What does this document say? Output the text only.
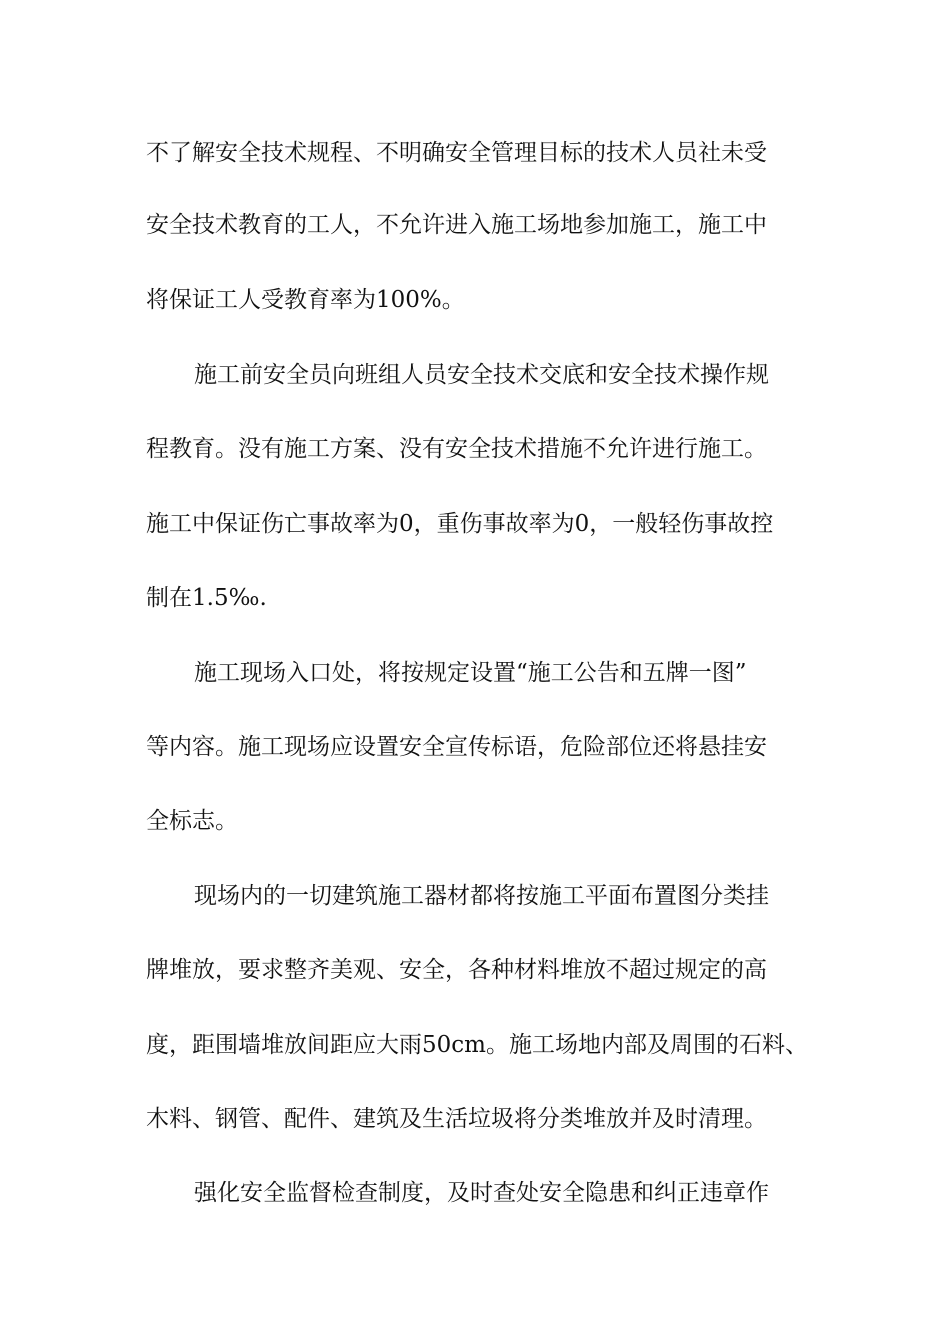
不了解安全技术规程、不明确安全管理目标的技术人员社未受

安全技术教育的工人，不允许进入施工场地参加施工，施工中

将保证工人受教育率为100%。

施工前安全员向班组人员安全技术交底和安全技术操作规

程教育。没有施工方案、没有安全技术措施不允许进行施工。

施工中保证伤亡事故率为0，重伤事故率为0，一般轻伤事故控

制在1.5‰.

施工现场入口处，将按规定设置“施工公告和五牌一图”

等内容。施工现场应设置安全宣传标语，危险部位还将悬挂安

全标志。

现场内的一切建筑施工器材都将按施工平面布置图分类挂

牌堆放，要求整齐美观、安全，各种材料堆放不超过规定的高

度，距围墙堆放间距应大雨50cm。施工场地内部及周围的石料、

木料、钢管、配件、建筑及生活垃圾将分类堆放并及时清理。

强化安全监督检查制度，及时查处安全隐患和纠正违章作
